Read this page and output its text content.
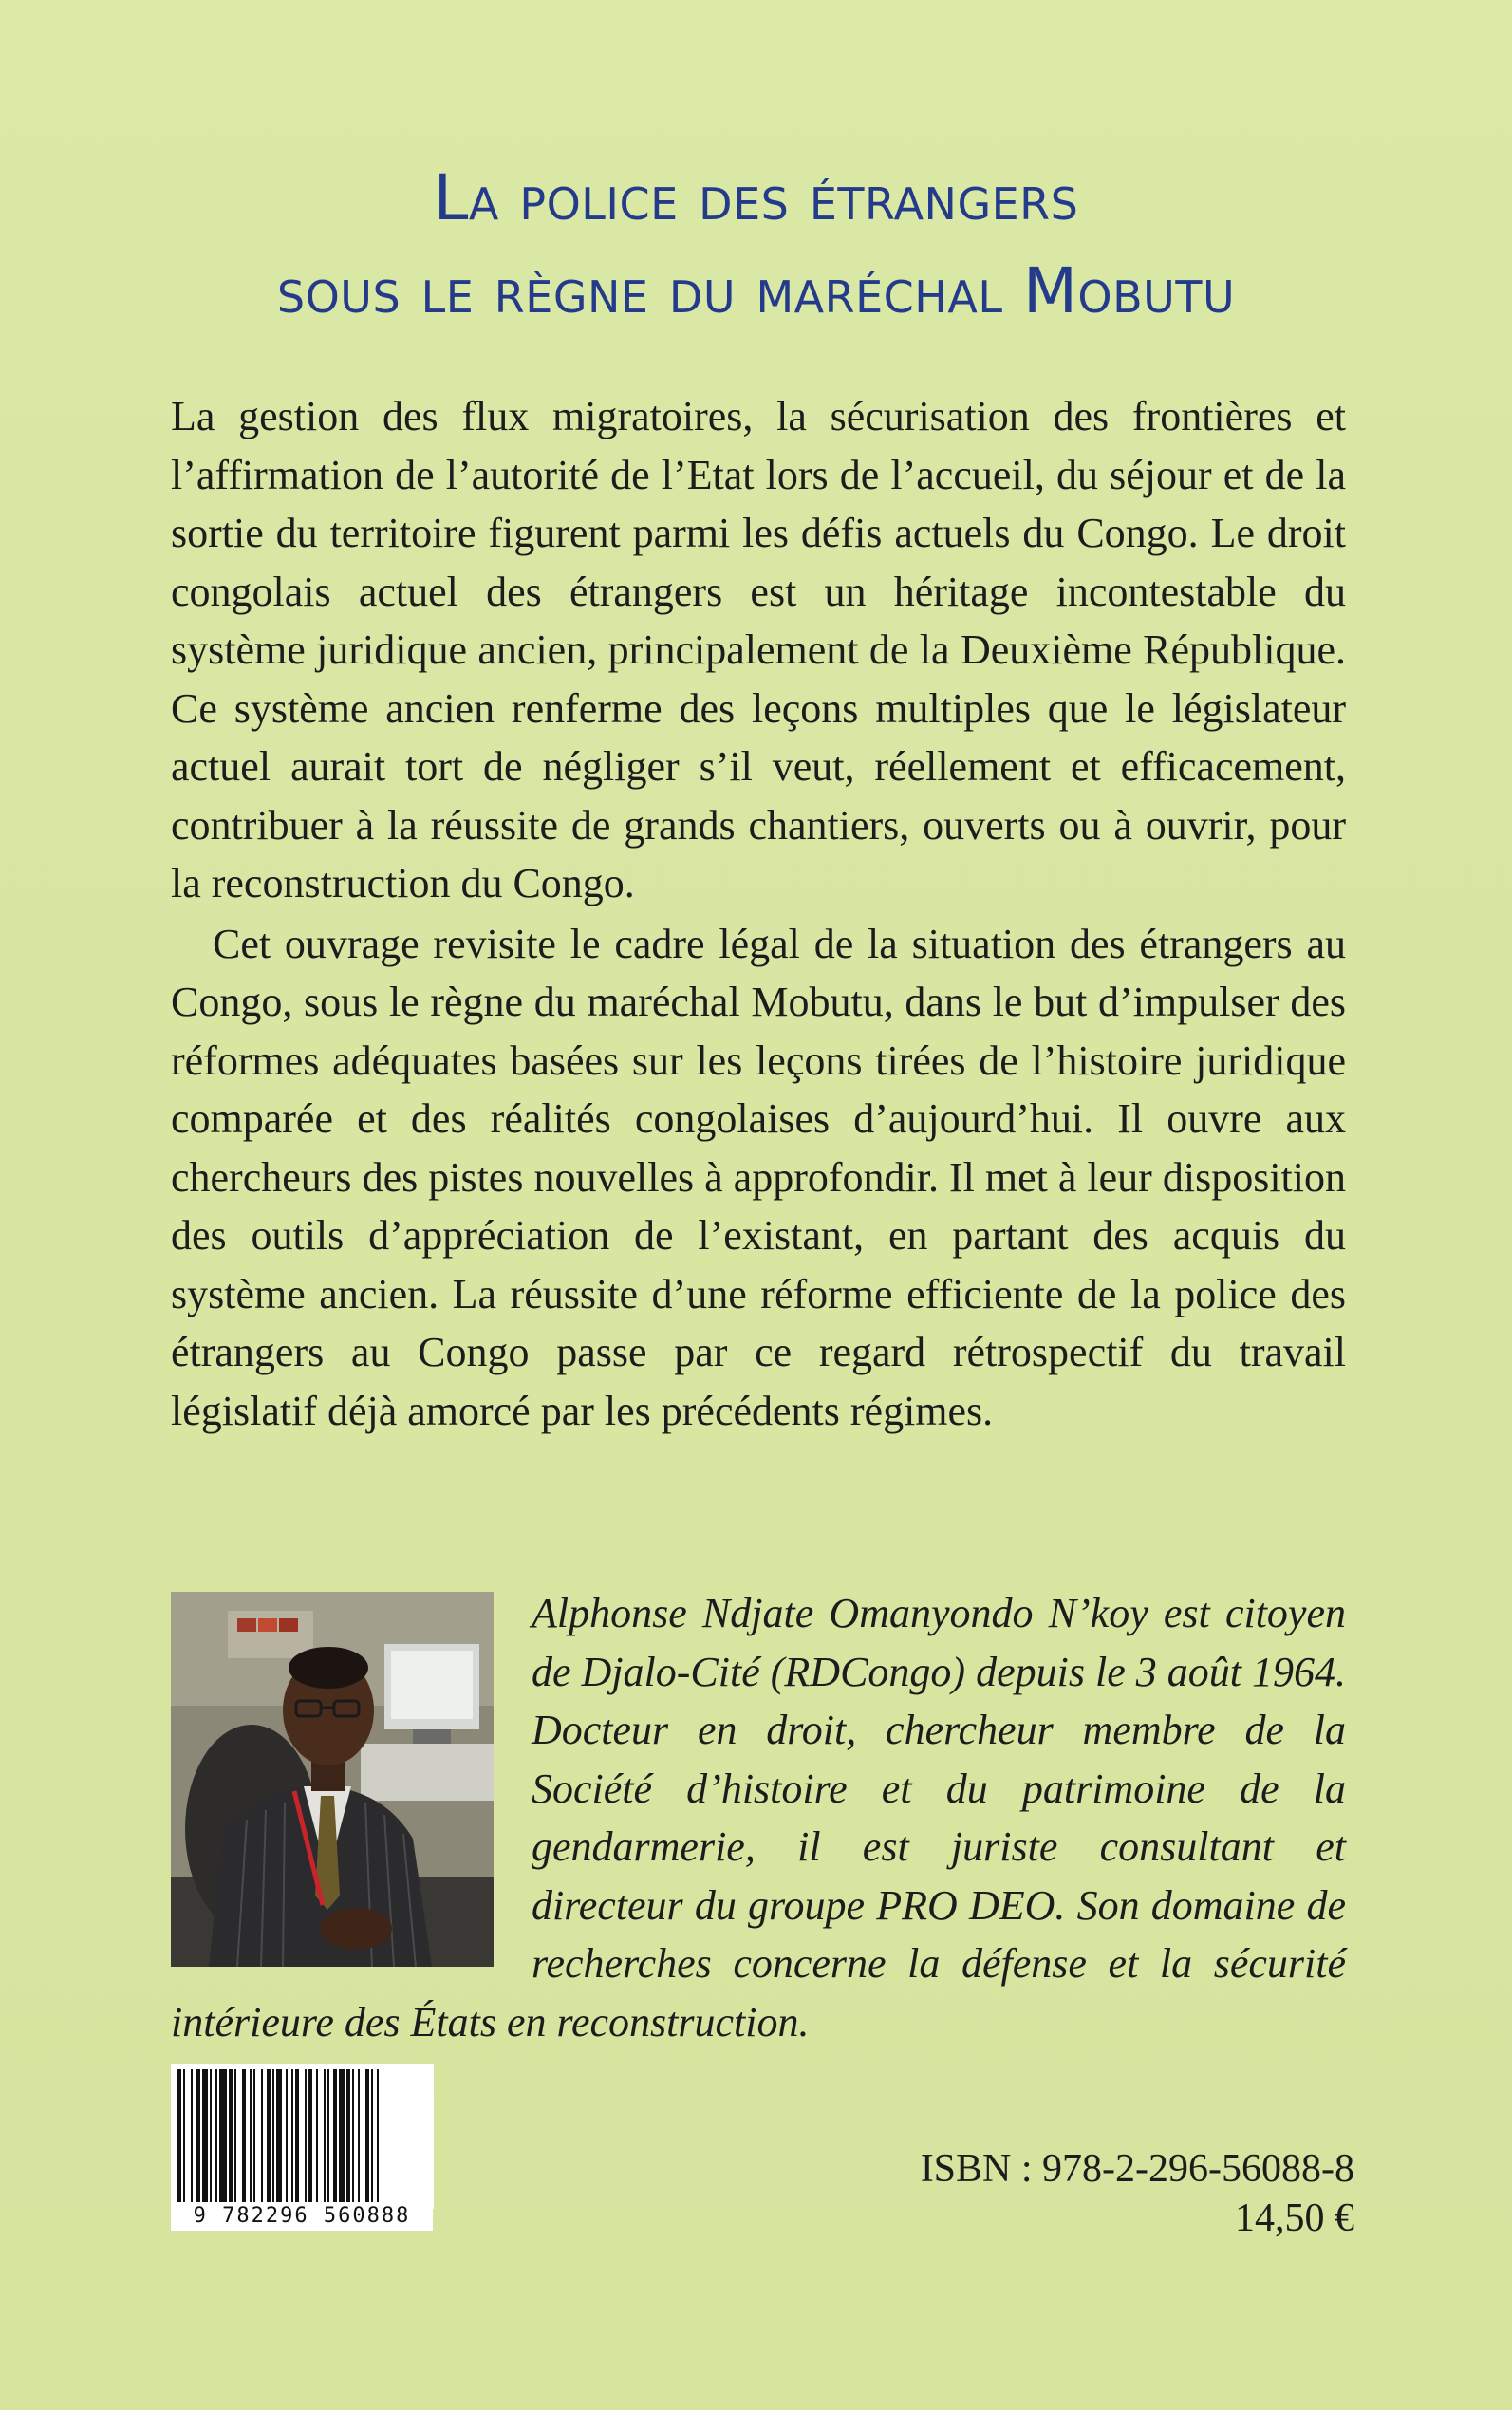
La police des étrangers
sous le règne du maréchal Mobutu

La gestion des flux migratoires, la sécurisation des frontières et l’affirmation de l’autorité de l’Etat lors de l’accueil, du séjour et de la sortie du territoire figurent parmi les défis actuels du Congo. Le droit congolais actuel des étrangers est un héritage incontestable du système juridique ancien, principalement de la Deuxième République. Ce système ancien renferme des leçons multiples que le législateur actuel aurait tort de négliger s’il veut, réellement et efficacement, contribuer à la réussite de grands chantiers, ouverts ou à ouvrir, pour la reconstruction du Congo.

Cet ouvrage revisite le cadre légal de la situation des étrangers au Congo, sous le règne du maréchal Mobutu, dans le but d’impulser des réformes adéquates basées sur les leçons tirées de l’histoire juridique comparée et des réalités congolaises d’aujourd’hui. Il ouvre aux chercheurs des pistes nouvelles à approfondir. Il met à leur disposition des outils d’appréciation de l’existant, en partant des acquis du système ancien. La réussite d’une réforme efficiente de la police des étrangers au Congo passe par ce regard rétrospectif du travail législatif déjà amorcé par les précédents régimes.

Alphonse Ndjate Omanyondo N’koy est citoyen de Djalo-Cité (RDCongo) depuis le 3 août 1964. Docteur en droit, chercheur membre de la Société d’histoire et du patrimoine de la gendarmerie, il est juriste consultant et directeur du groupe PRO DEO. Son domaine de recherches concerne la défense et la sécurité intérieure des États en reconstruction.
9 782296 560888
ISBN : 978-2-296-56088-8
14,50 €
